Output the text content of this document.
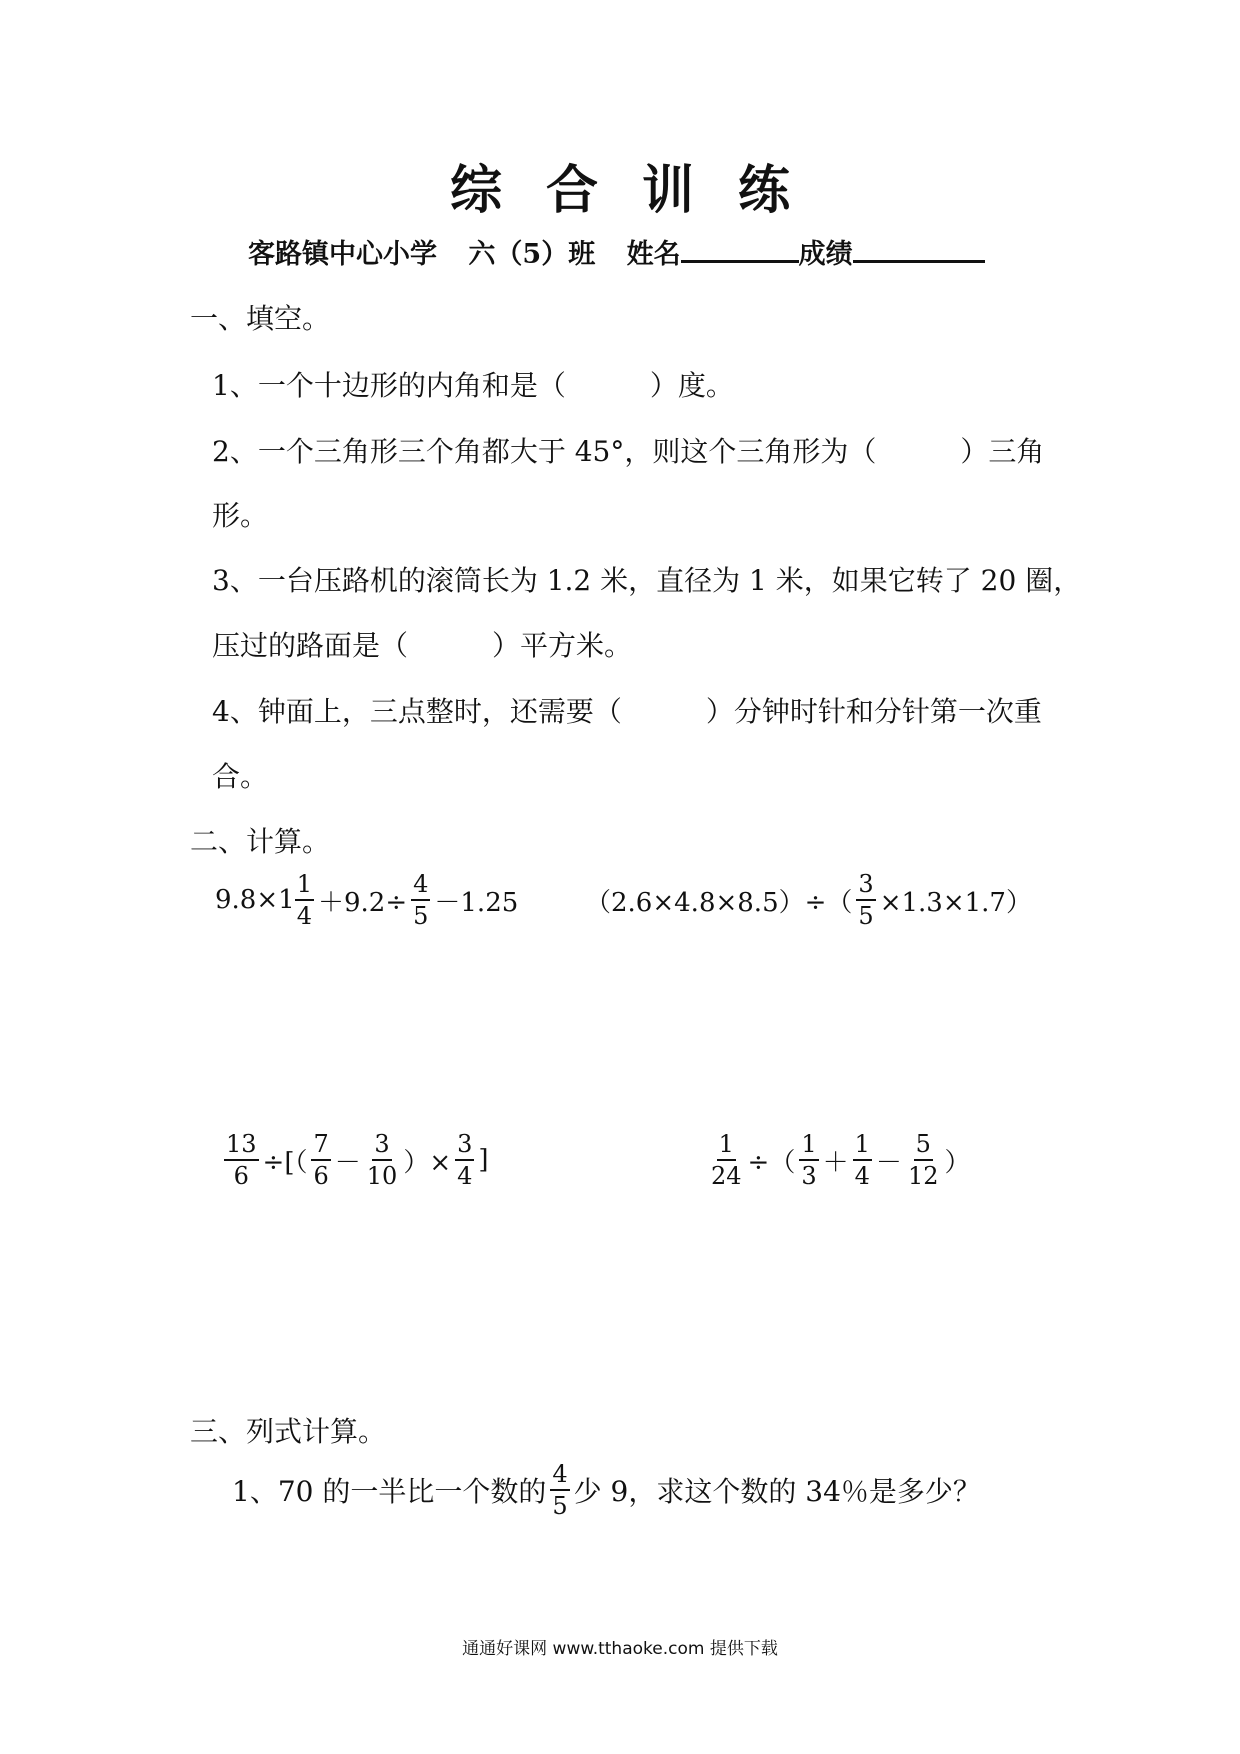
综 合 训 练
客路镇中心小学 六（5）班 姓名	成绩
一、填空。
1、一个十边形的内角和是（　　　）度。
2、一个三角形三个角都大于 45°，则这个三角形为（　　　）三角
形。
3、一台压路机的滚筒长为 1.2 米，直径为 1 米，如果它转了 20 圈，
压过的路面是（　　　）平方米。
4、钟面上，三点整时，还需要（　　　）分钟时针和分针第一次重
合。
二、计算。
$9.8\times 1 \frac{1}{4} +9.2\div \frac{4}{5} -1.25$	$(2.6\times 4.8\times 8.5)\div( \frac{3}{5} \times 1.3\times 1.7)$
$\frac{13}{6}$ ÷[（ $\frac{7}{6} - \frac{3}{10}$ ）× $\frac{3}{4}$ ]	$\frac{1}{24}$ ÷（ $\frac{1}{3} + \frac{1}{4} - \frac{5}{12}$ ）
三、列式计算。
1、70 的一半比一个数的 $\frac{4}{5}$ 少 9，求这个数的 34％是多少？
通通好课网 www.tthaoke.com 提供下载
